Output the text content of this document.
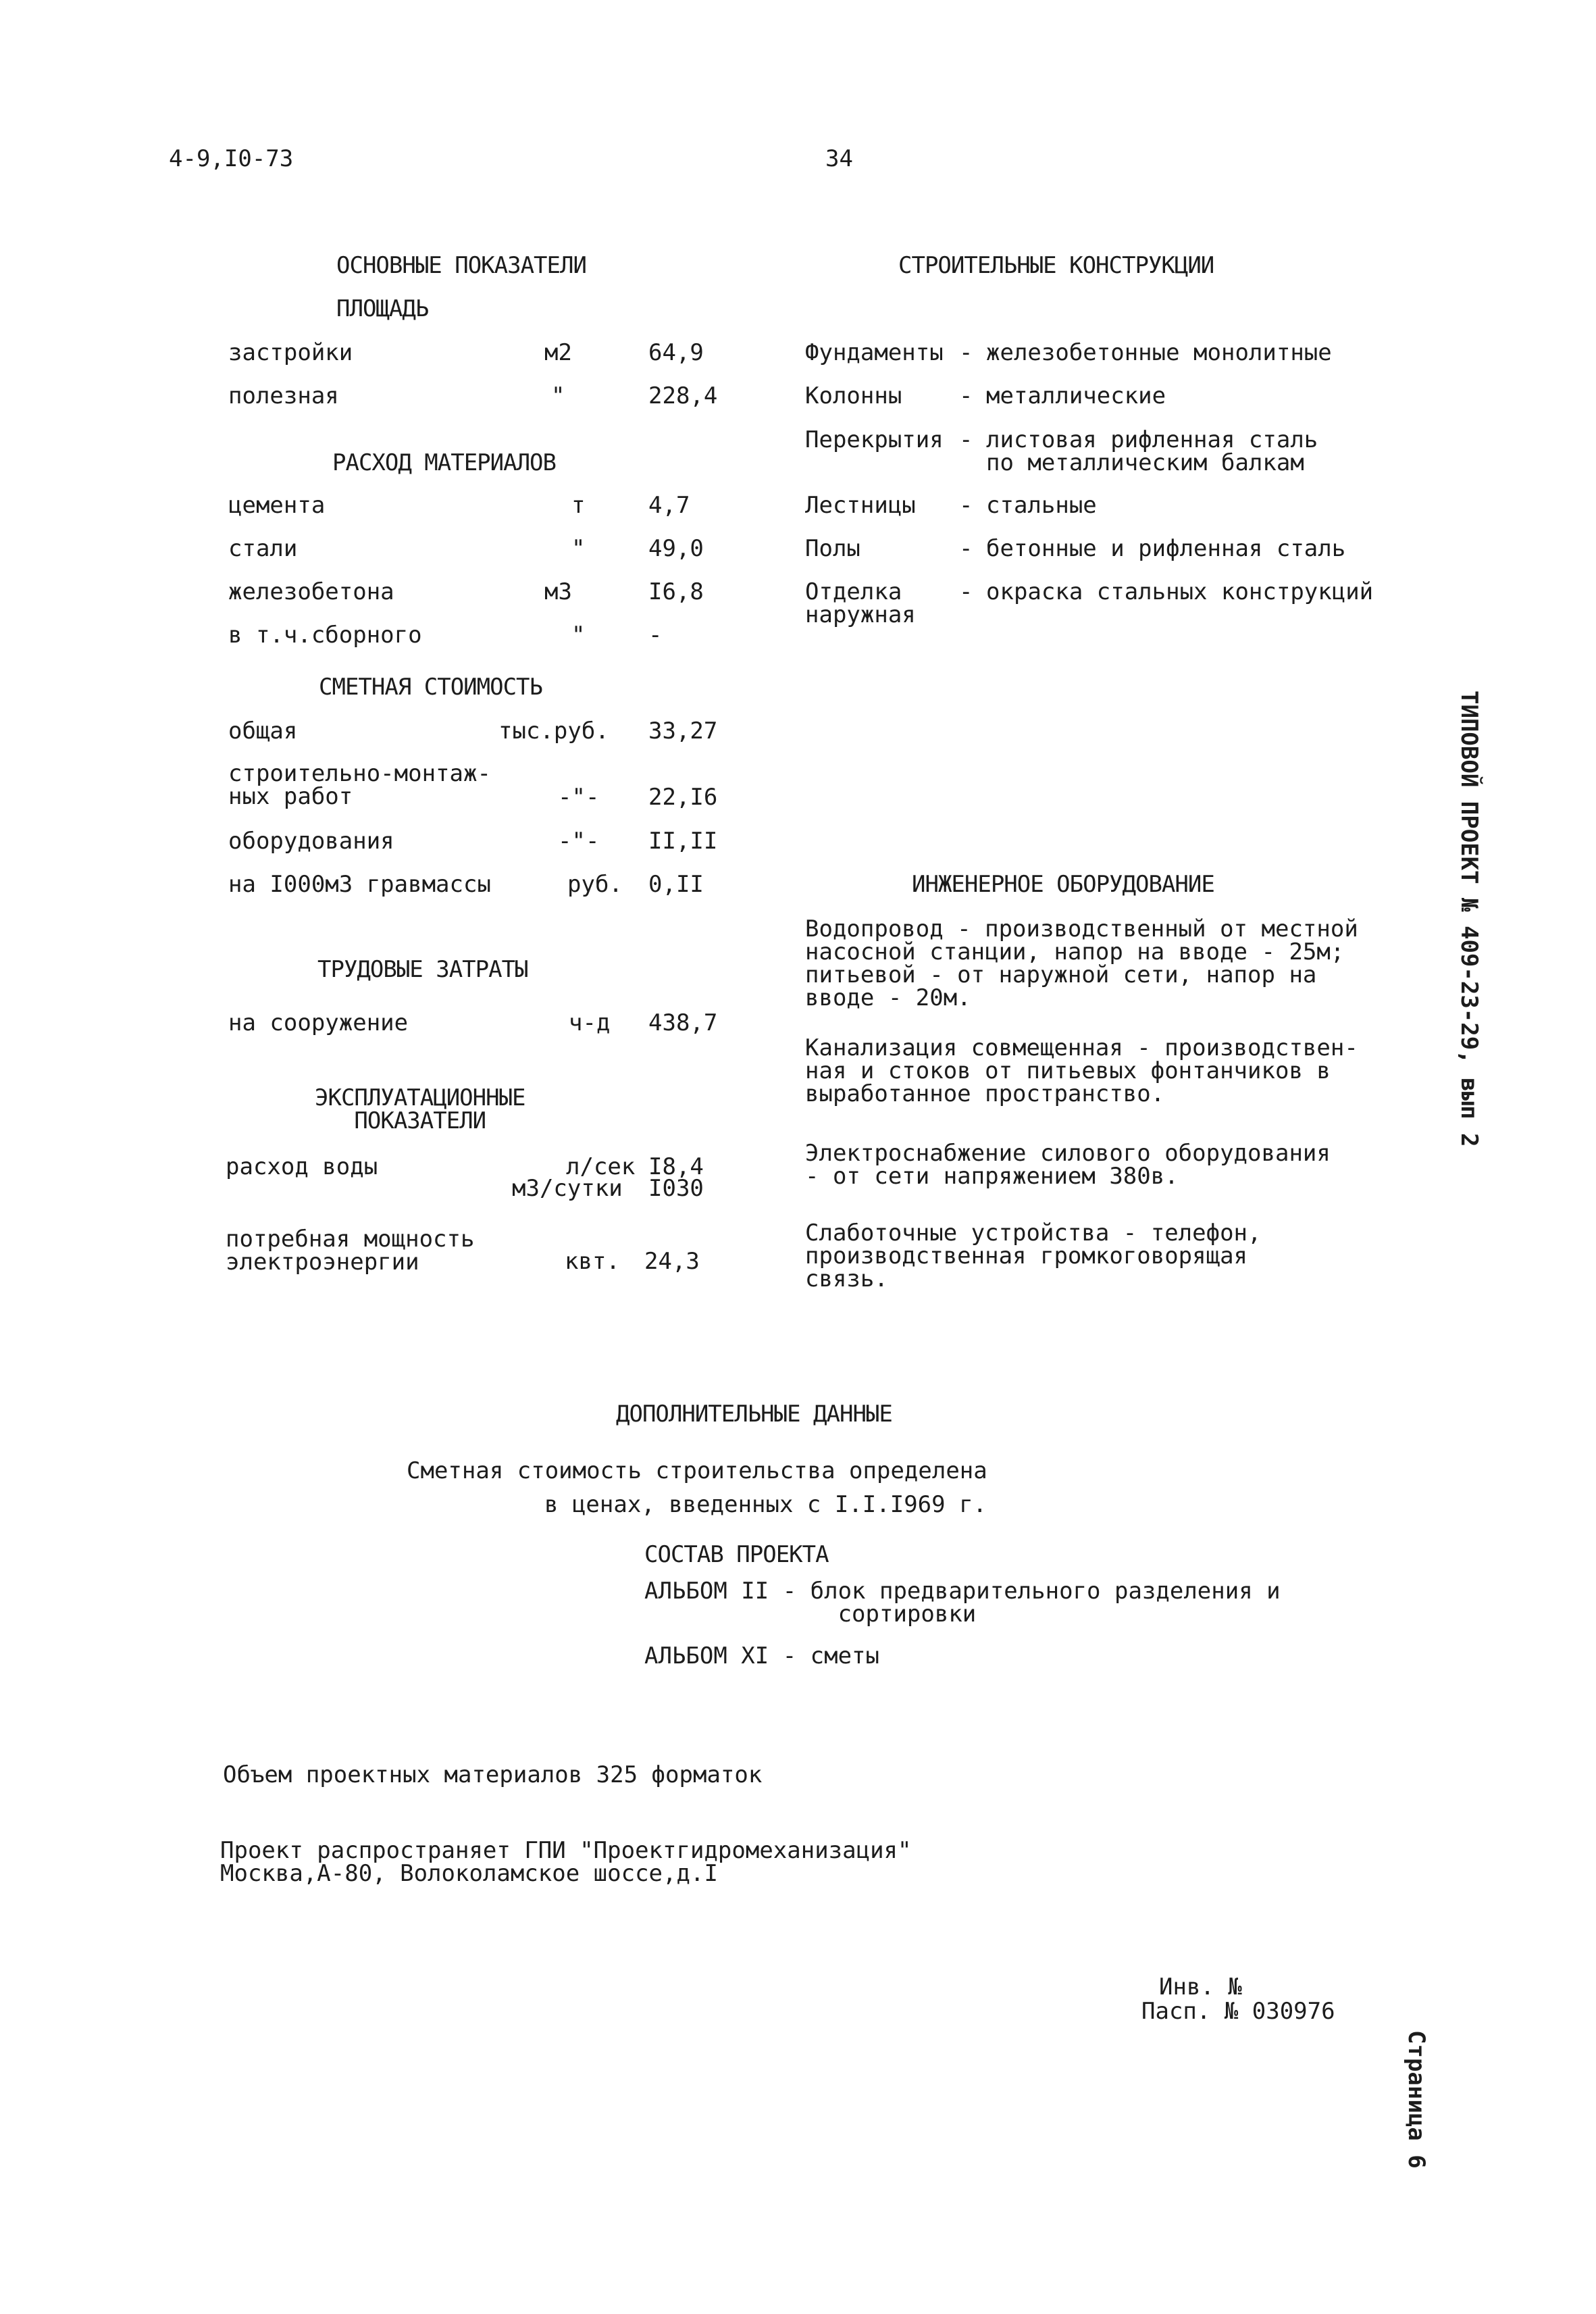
4-9,I0-73	34
ОСНОВНЫЕ ПОКАЗАТЕЛИ
ПЛОЩАДЬ
застройки	м2	64,9
полезная	"	228,4
РАСХОД МАТЕРИАЛОВ
цемента	т	4,7
стали	"	49,0
железобетона	м3	I6,8
в т.ч.сборного	"	-
СМЕТНАЯ СТОИМОСТЬ
общая	тыс.руб. 33,27
строительно-монтаж-
ных работ	-"- 22,I6
оборудования	-"- II,II
на I000м3 гравмассы	руб. 0,II
ТРУДОВЫЕ ЗАТРАТЫ
на сооружение	ч-д 438,7
ЭКСПЛУАТАЦИОННЫЕ
ПОКАЗАТЕЛИ
расход воды	л/сек I8,4
м3/сутки I030
потребная мощность
электроэнергии	квт. 24,3
СТРОИТЕЛЬНЫЕ КОНСТРУКЦИИ
Фундаменты - железобетонные монолитные
Колонны - металлические
Перекрытия - листовая рифленная сталь
по металлическим балкам
Лестницы - стальные
Полы	- бетонные и рифленная сталь
Отделка
наружная
- окраска стальных конструкций
ИНЖЕНЕРНОЕ ОБОРУДОВАНИЕ
Водопровод - производственный от местной
насосной станции, напор на вводе - 25м;
питьевой - от наружной сети, напор на
вводе - 20м.
Канализация совмещенная - производствен-
ная и стоков от питьевых фонтанчиков в
выработанное пространство.
Электроснабжение силового оборудования
- от сети напряжением 380в.
Слаботочные устройства - телефон,
производственная громкоговорящая
связь.
ДОПОЛНИТЕЛЬНЫЕ ДАННЫЕ
Сметная стоимость строительства определена
в ценах, введенных с I.I.I969 г.
СОСТАВ ПРОЕКТА
АЛЬБОМ II - блок предварительного разделения и
сортировки
АЛЬБОМ XI - сметы
Объем проектных материалов 325 форматок
Проект распространяет ГПИ "Проектгидромеханизация"
Москва,А-80, Волоколамское шоссе,д.I
Инв. №
Пасп. № 030976
ТИПОВОЙ ПРОЕКТ № 409-23-29, вып 2
Страница 6
